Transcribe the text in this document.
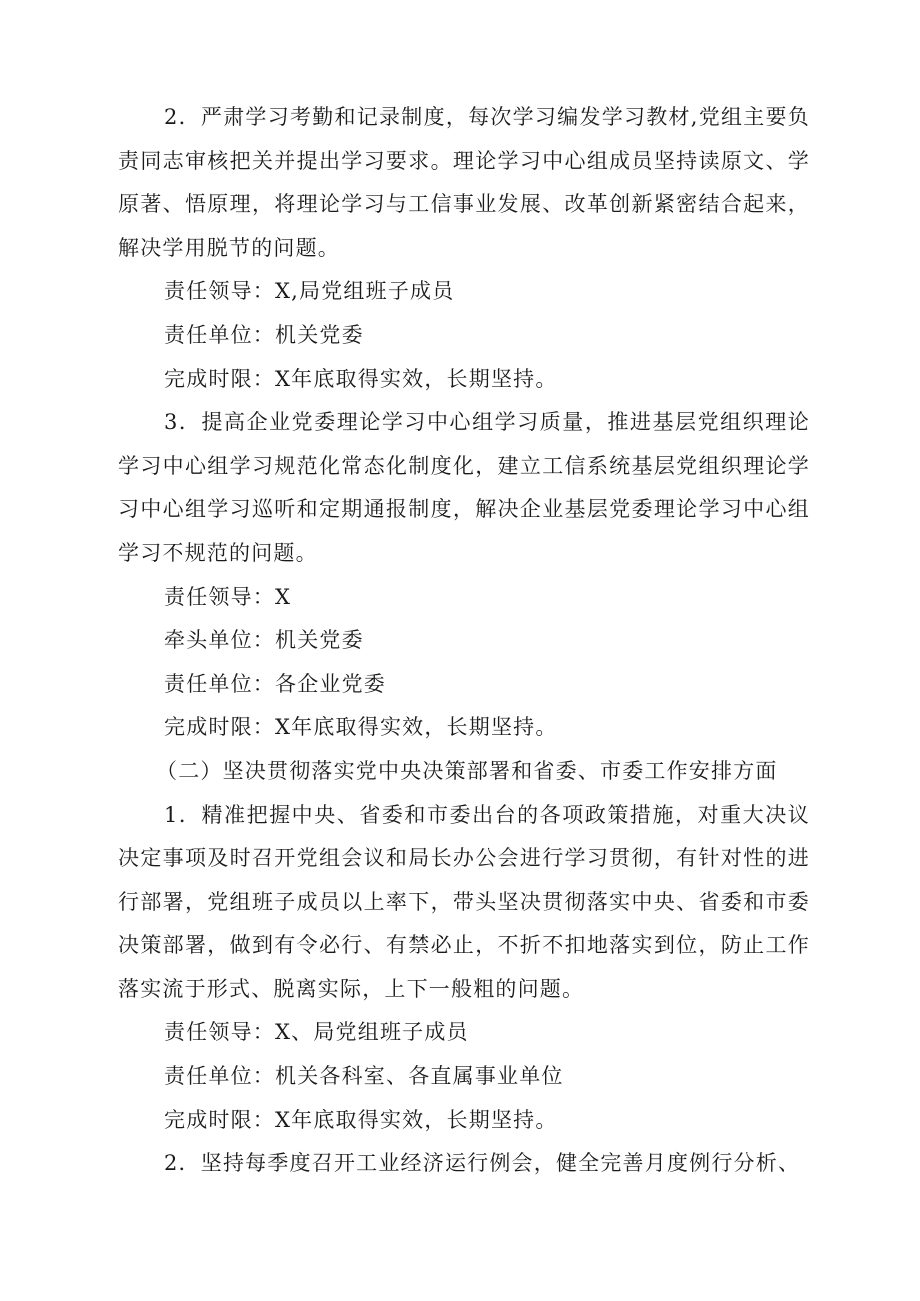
2．严肃学习考勤和记录制度，每次学习编发学习教材,党组主要负责同志审核把关并提出学习要求。理论学习中心组成员坚持读原文、学原著、悟原理，将理论学习与工信事业发展、改革创新紧密结合起来，解决学用脱节的问题。

责任领导：X,局党组班子成员

责任单位：机关党委

完成时限：X年底取得实效，长期坚持。

3．提高企业党委理论学习中心组学习质量，推进基层党组织理论学习中心组学习规范化常态化制度化，建立工信系统基层党组织理论学习中心组学习巡听和定期通报制度，解决企业基层党委理论学习中心组学习不规范的问题。

责任领导：X

牵头单位：机关党委

责任单位：各企业党委

完成时限：X年底取得实效，长期坚持。

（二）坚决贯彻落实党中央决策部署和省委、市委工作安排方面

1．精准把握中央、省委和市委出台的各项政策措施，对重大决议决定事项及时召开党组会议和局长办公会进行学习贯彻，有针对性的进行部署，党组班子成员以上率下，带头坚决贯彻落实中央、省委和市委决策部署，做到有令必行、有禁必止，不折不扣地落实到位，防止工作落实流于形式、脱离实际，上下一般粗的问题。

责任领导：X、局党组班子成员

责任单位：机关各科室、各直属事业单位

完成时限：X年底取得实效，长期坚持。

2．坚持每季度召开工业经济运行例会，健全完善月度例行分析、
